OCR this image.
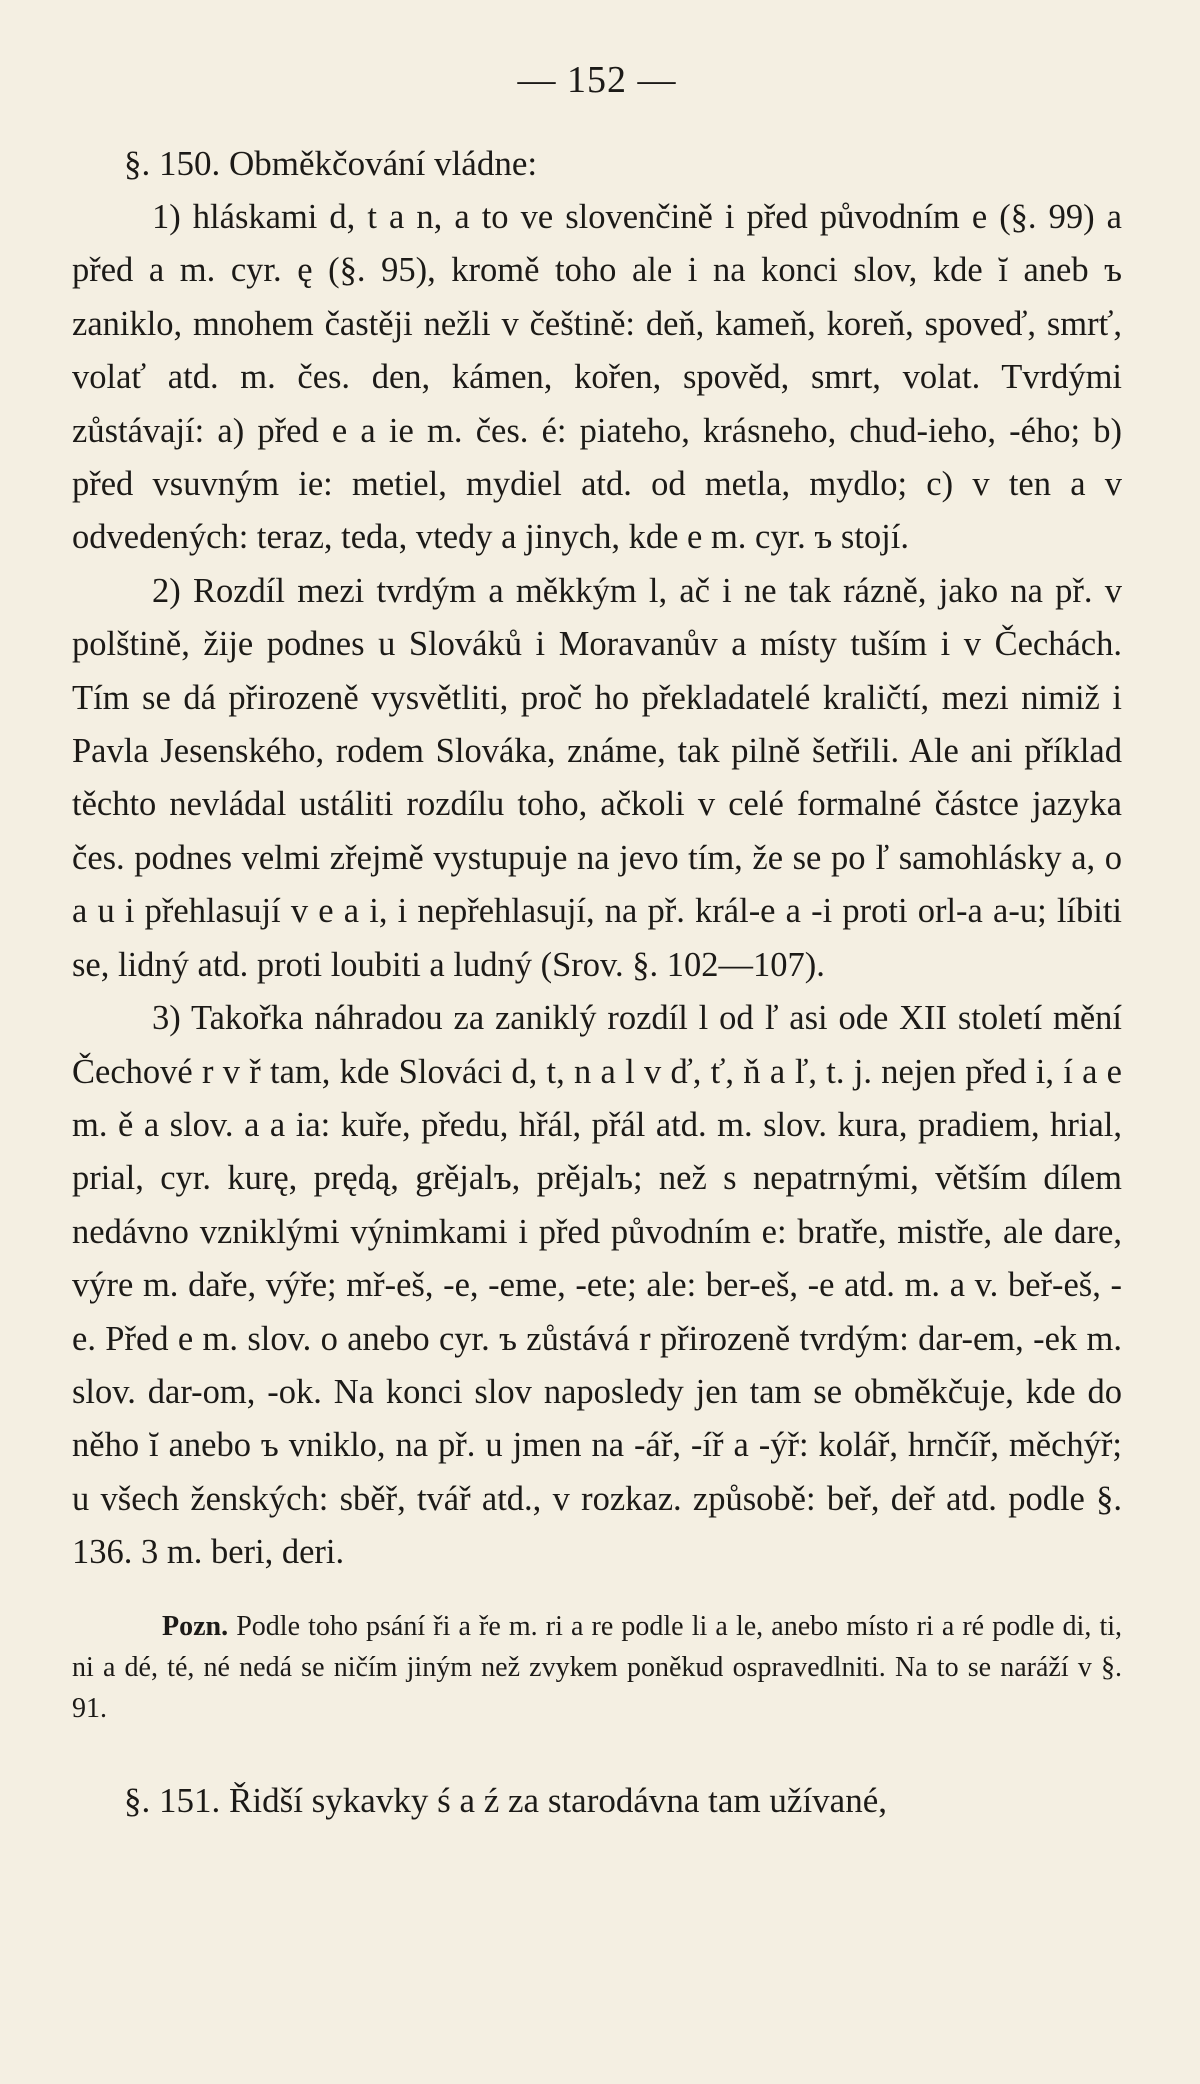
— 152 —
§. 150. Obměkčování vládne:

1) hláskami d, t a n, a to ve slovenčině i před původním e (§. 99) a před a m. cyr. ę (§. 95), kromě toho ale i na konci slov, kde ĭ aneb ъ zaniklo, mnohem častěji nežli v češtině: deň, kameň, koreň, spoveď, smrť, volať atd. m. čes. den, kámen, kořen, spověd, smrt, volat. Tvrdými zůstávají: a) před e a ie m. čes. é: piateho, krásneho, chud-ieho, -ého; b) před vsuvným ie: metiel, mydiel atd. od metla, mydlo; c) v ten a v odvedených: teraz, teda, vtedy a jinych, kde e m. cyr. ъ stojí.

2) Rozdíl mezi tvrdým a měkkým l, ač i ne tak rázně, jako na př. v polštině, žije podnes u Slováků i Moravanův a místy tuším i v Čechách. Tím se dá přirozeně vysvětliti, proč ho překladatelé kraličtí, mezi nimiž i Pavla Jesenského, rodem Slováka, známe, tak pilně šetřili. Ale ani příklad těchto nevládal ustáliti rozdílu toho, ačkoli v celé formalné částce jazyka čes. podnes velmi zřejmě vystupuje na jevo tím, že se po ľ samohlásky a, o a u i přehlasují v e a i, i nepřehlasují, na př. král-e a -i proti orl-a a-u; líbiti se, lidný atd. proti loubiti a ludný (Srov. §. 102—107).

3) Takořka náhradou za zaniklý rozdíl l od ľ asi ode XII století mění Čechové r v ř tam, kde Slováci d, t, n a l v ď, ť, ň a ľ, t. j. nejen před i, í a e m. ě a slov. a a ia: kuře, předu, hřál, přál atd. m. slov. kura, pradiem, hrial, prial, cyr. kurę, prędą, grějalъ, prějalъ; než s nepatrnými, větším dílem nedávno vzniklými výnimkami i před původním e: bratře, mistře, ale dare, výre m. daře, výře; mř-eš, -e, -eme, -ete; ale: ber-eš, -e atd. m. a v. beř-eš, -e. Před e m. slov. o anebo cyr. ъ zůstává r přirozeně tvrdým: dar-em, -ek m. slov. dar-om, -ok. Na konci slov naposledy jen tam se obměkčuje, kde do něho ĭ anebo ъ vniklo, na př. u jmen na -ář, -íř a -ýř: kolář, hrnčíř, měchýř; u všech ženských: sběř, tvář atd., v rozkaz. způsobě: beř, deř atd. podle §. 136. 3 m. beri, deri.

Pozn. Podle toho psání ři a ře m. ri a re podle li a le, anebo místo ri a ré podle di, ti, ni a dé, té, né nedá se ničím jiným než zvykem poněkud ospravedlniti. Na to se naráží v §. 91.
§. 151. Řidší sykavky ś a ź za starodávna tam užívané,
